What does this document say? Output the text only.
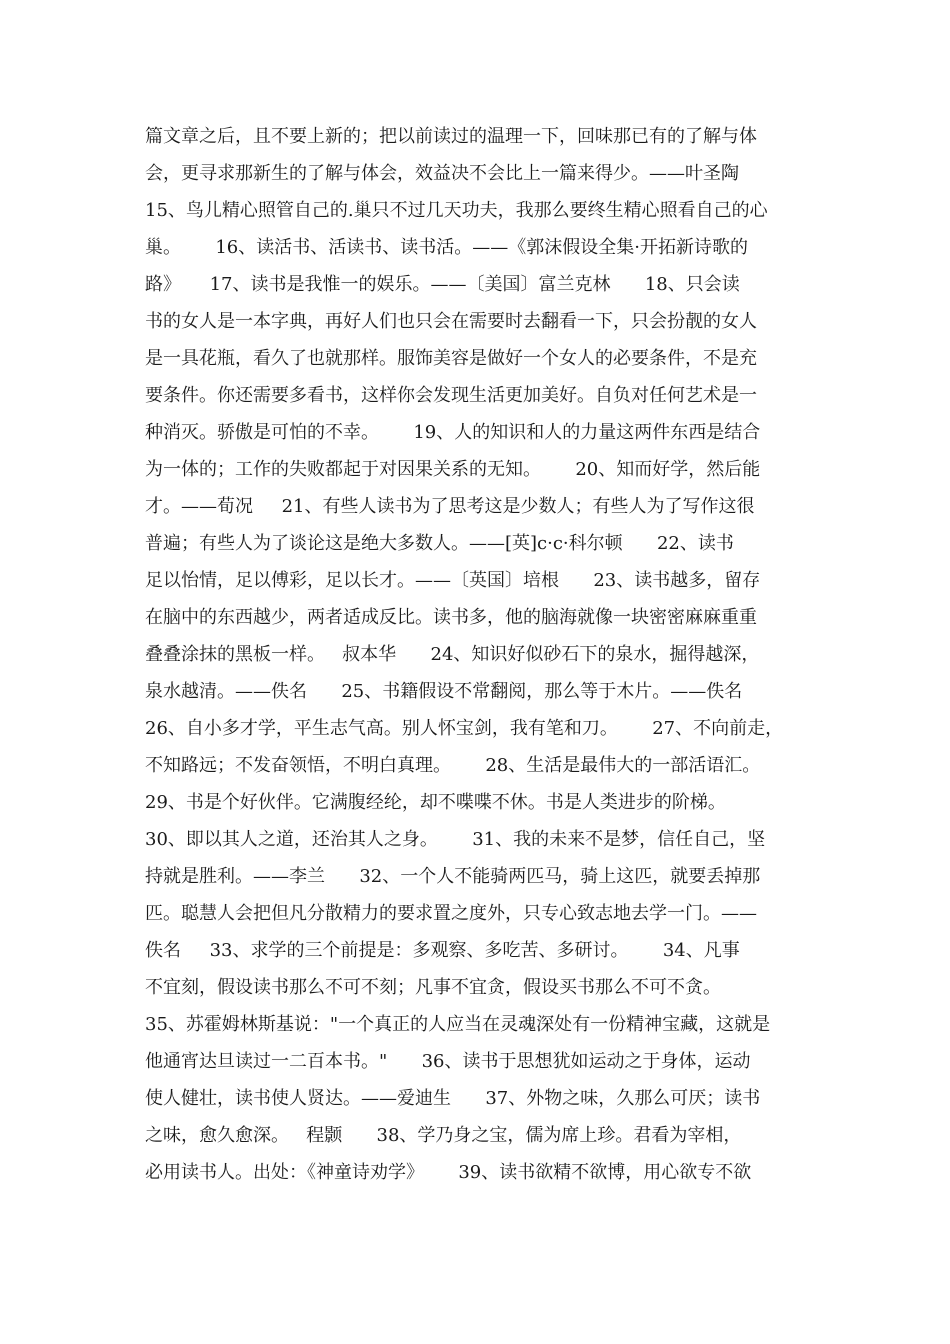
篇文章之后，且不要上新的；把以前读过的温理一下，回味那已有的了解与体
会，更寻求那新生的了解与体会，效益决不会比上一篇来得少。——叶圣陶
15、鸟儿精心照管自己的.巢只不过几天功夫，我那么要终生精心照看自己的心
巢。      16、读活书、活读书、读书活。——《郭沫假设全集·开拓新诗歌的
路》     17、读书是我惟一的娱乐。——〔美国〕富兰克林      18、只会读
书的女人是一本字典，再好人们也只会在需要时去翻看一下，只会扮靓的女人
是一具花瓶，看久了也就那样。服饰美容是做好一个女人的必要条件，不是充
要条件。你还需要多看书，这样你会发现生活更加美好。自负对任何艺术是一
种消灭。骄傲是可怕的不幸。      19、人的知识和人的力量这两件东西是结合
为一体的；工作的失败都起于对因果关系的无知。      20、知而好学，然后能
才。——荀况     21、有些人读书为了思考这是少数人；有些人为了写作这很
普遍；有些人为了谈论这是绝大多数人。——[英]c·c·科尔顿      22、读书
足以怡情，足以傅彩，足以长才。——〔英国〕培根      23、读书越多，留存
在脑中的东西越少，两者适成反比。读书多，他的脑海就像一块密密麻麻重重
叠叠涂抹的黑板一样。   叔本华      24、知识好似砂石下的泉水，掘得越深，
泉水越清。——佚名      25、书籍假设不常翻阅，那么等于木片。——佚名
26、自小多才学，平生志气高。别人怀宝剑，我有笔和刀。      27、不向前走，
不知路远；不发奋领悟，不明白真理。      28、生活是最伟大的一部活语汇。
29、书是个好伙伴。它满腹经纶，却不喋喋不休。书是人类进步的阶梯。
30、即以其人之道，还治其人之身。      31、我的未来不是梦，信任自己，坚
持就是胜利。——李兰      32、一个人不能骑两匹马，骑上这匹，就要丢掉那
匹。聪慧人会把但凡分散精力的要求置之度外，只专心致志地去学一门。——
佚名     33、求学的三个前提是：多观察、多吃苦、多研讨。      34、凡事
不宜刻，假设读书那么不可不刻；凡事不宜贪，假设买书那么不可不贪。
35、苏霍姆林斯基说："一个真正的人应当在灵魂深处有一份精神宝藏，这就是
他通宵达旦读过一二百本书。"      36、读书于思想犹如运动之于身体，运动
使人健壮，读书使人贤达。——爱迪生      37、外物之味，久那么可厌；读书
之味，愈久愈深。   程颢      38、学乃身之宝，儒为席上珍。君看为宰相，
必用读书人。出处：《神童诗劝学》      39、读书欲精不欲博，用心欲专不欲
